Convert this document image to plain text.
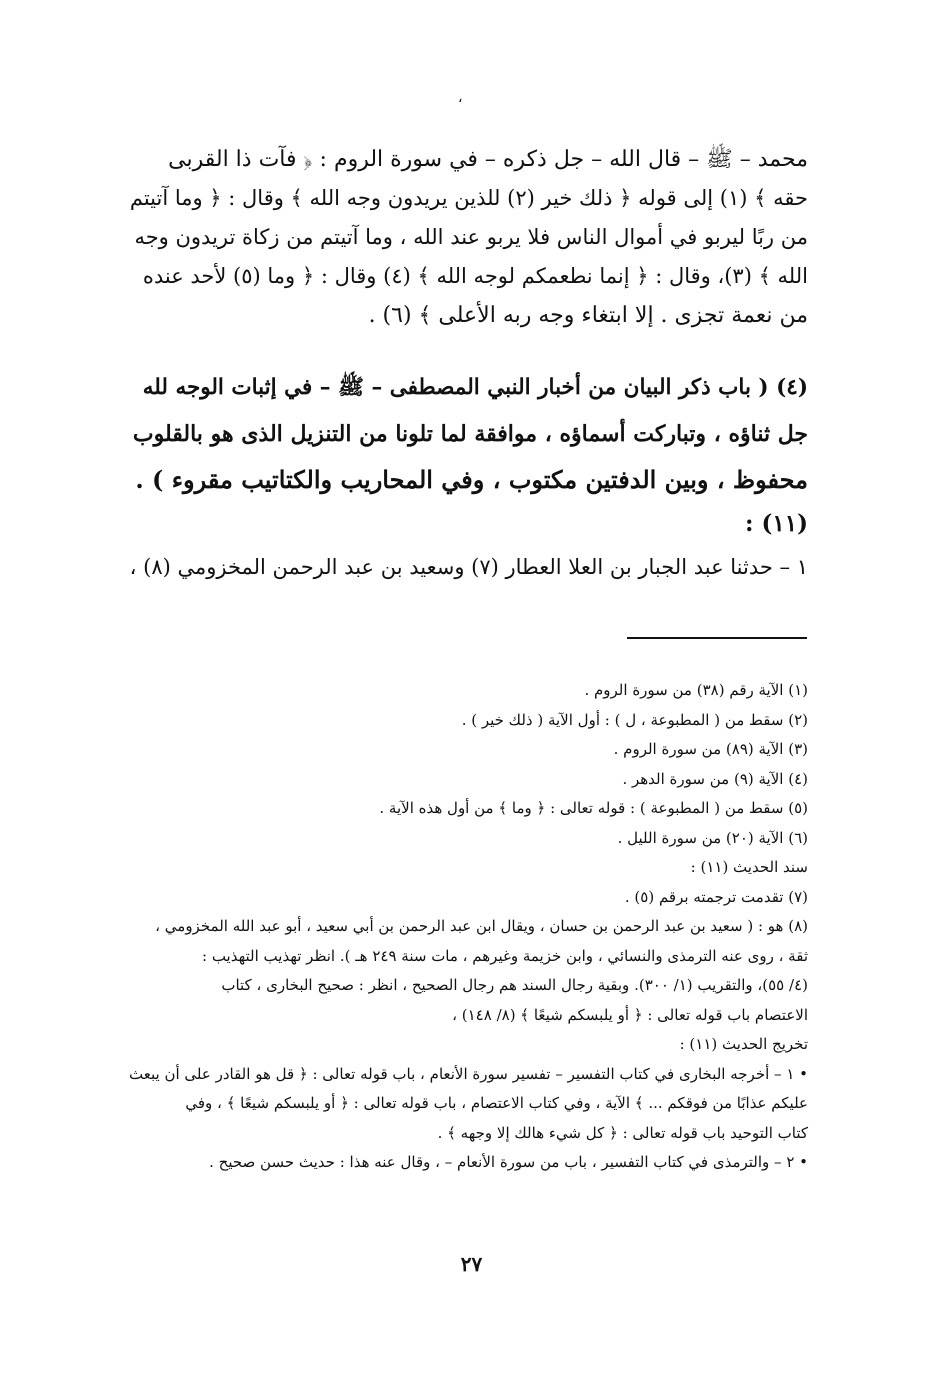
،
محمد – ﷺ – قال الله – جل ذكره – في سورة الروم : ﴿ فآت ذا القربى
حقه ﴾ (١) إلى قوله ﴿ ذلك خير (٢) للذين يريدون وجه الله ﴾ وقال : ﴿ وما آتيتم
من ربًا ليربو في أموال الناس فلا يربو عند الله ، وما آتيتم من زكاة تريدون وجه
الله ﴾ (٣)، وقال : ﴿ إنما نطعمكم لوجه الله ﴾ (٤) وقال : ﴿ وما (٥) لأحد عنده
من نعمة تجزى . إلا ابتغاء وجه ربه الأعلى ﴾ (٦) .
(٤) ( باب ذكر البيان من أخبار النبي المصطفى – ﷺ – في إثبات الوجه لله
جل ثناؤه ، وتباركت أسماؤه ، موافقة لما تلونا من التنزيل الذى هو بالقلوب
محفوظ ، وبين الدفتين مكتوب ، وفي المحاريب والكتاتيب مقروء ) .
(١١) :
١ – حدثنا عبد الجبار بن العلا العطار (٧) وسعيد بن عبد الرحمن المخزومي (٨) ،
(١) الآية رقم (٣٨) من سورة الروم .
(٢) سقط من ( المطبوعة ، ل ) : أول الآية ( ذلك خير ) .
(٣) الآية (٨٩) من سورة الروم .
(٤) الآية (٩) من سورة الدهر .
(٥) سقط من ( المطبوعة ) : قوله تعالى : ﴿ وما ﴾ من أول هذه الآية .
(٦) الآية (٢٠) من سورة الليل .
سند الحديث (١١) :
(٧) تقدمت ترجمته برقم (٥) .
(٨) هو : ( سعيد بن عبد الرحمن بن حسان ، ويقال ابن عبد الرحمن بن أبي سعيد ، أبو عبد الله المخزومي ،
ثقة ، روى عنه الترمذى والنسائي ، وابن خزيمة وغيرهم ، مات سنة ٢٤٩ هـ ). انظر تهذيب التهذيب :
(٤/ ٥٥)، والتقريب (١/ ٣٠٠). وبقية رجال السند هم رجال الصحيح ، انظر : صحيح البخارى ، كتاب
الاعتصام باب قوله تعالى : ﴿ أو يلبسكم شيعًا ﴾ (٨/ ١٤٨) ،
تخريج الحديث (١١) :
• ١ – أخرجه البخارى في كتاب التفسير – تفسير سورة الأنعام ، باب قوله تعالى : ﴿ قل هو القادر على أن يبعث
عليكم عذابًا من فوقكم ... ﴾ الآية ، وفي كتاب الاعتصام ، باب قوله تعالى : ﴿ أو يلبسكم شيعًا ﴾ ، وفي
كتاب التوحيد باب قوله تعالى : ﴿ كل شيء هالك إلا وجهه ﴾ .
• ٢ – والترمذى في كتاب التفسير ، باب من سورة الأنعام – ، وقال عنه هذا : حديث حسن صحيح .
٢٧
